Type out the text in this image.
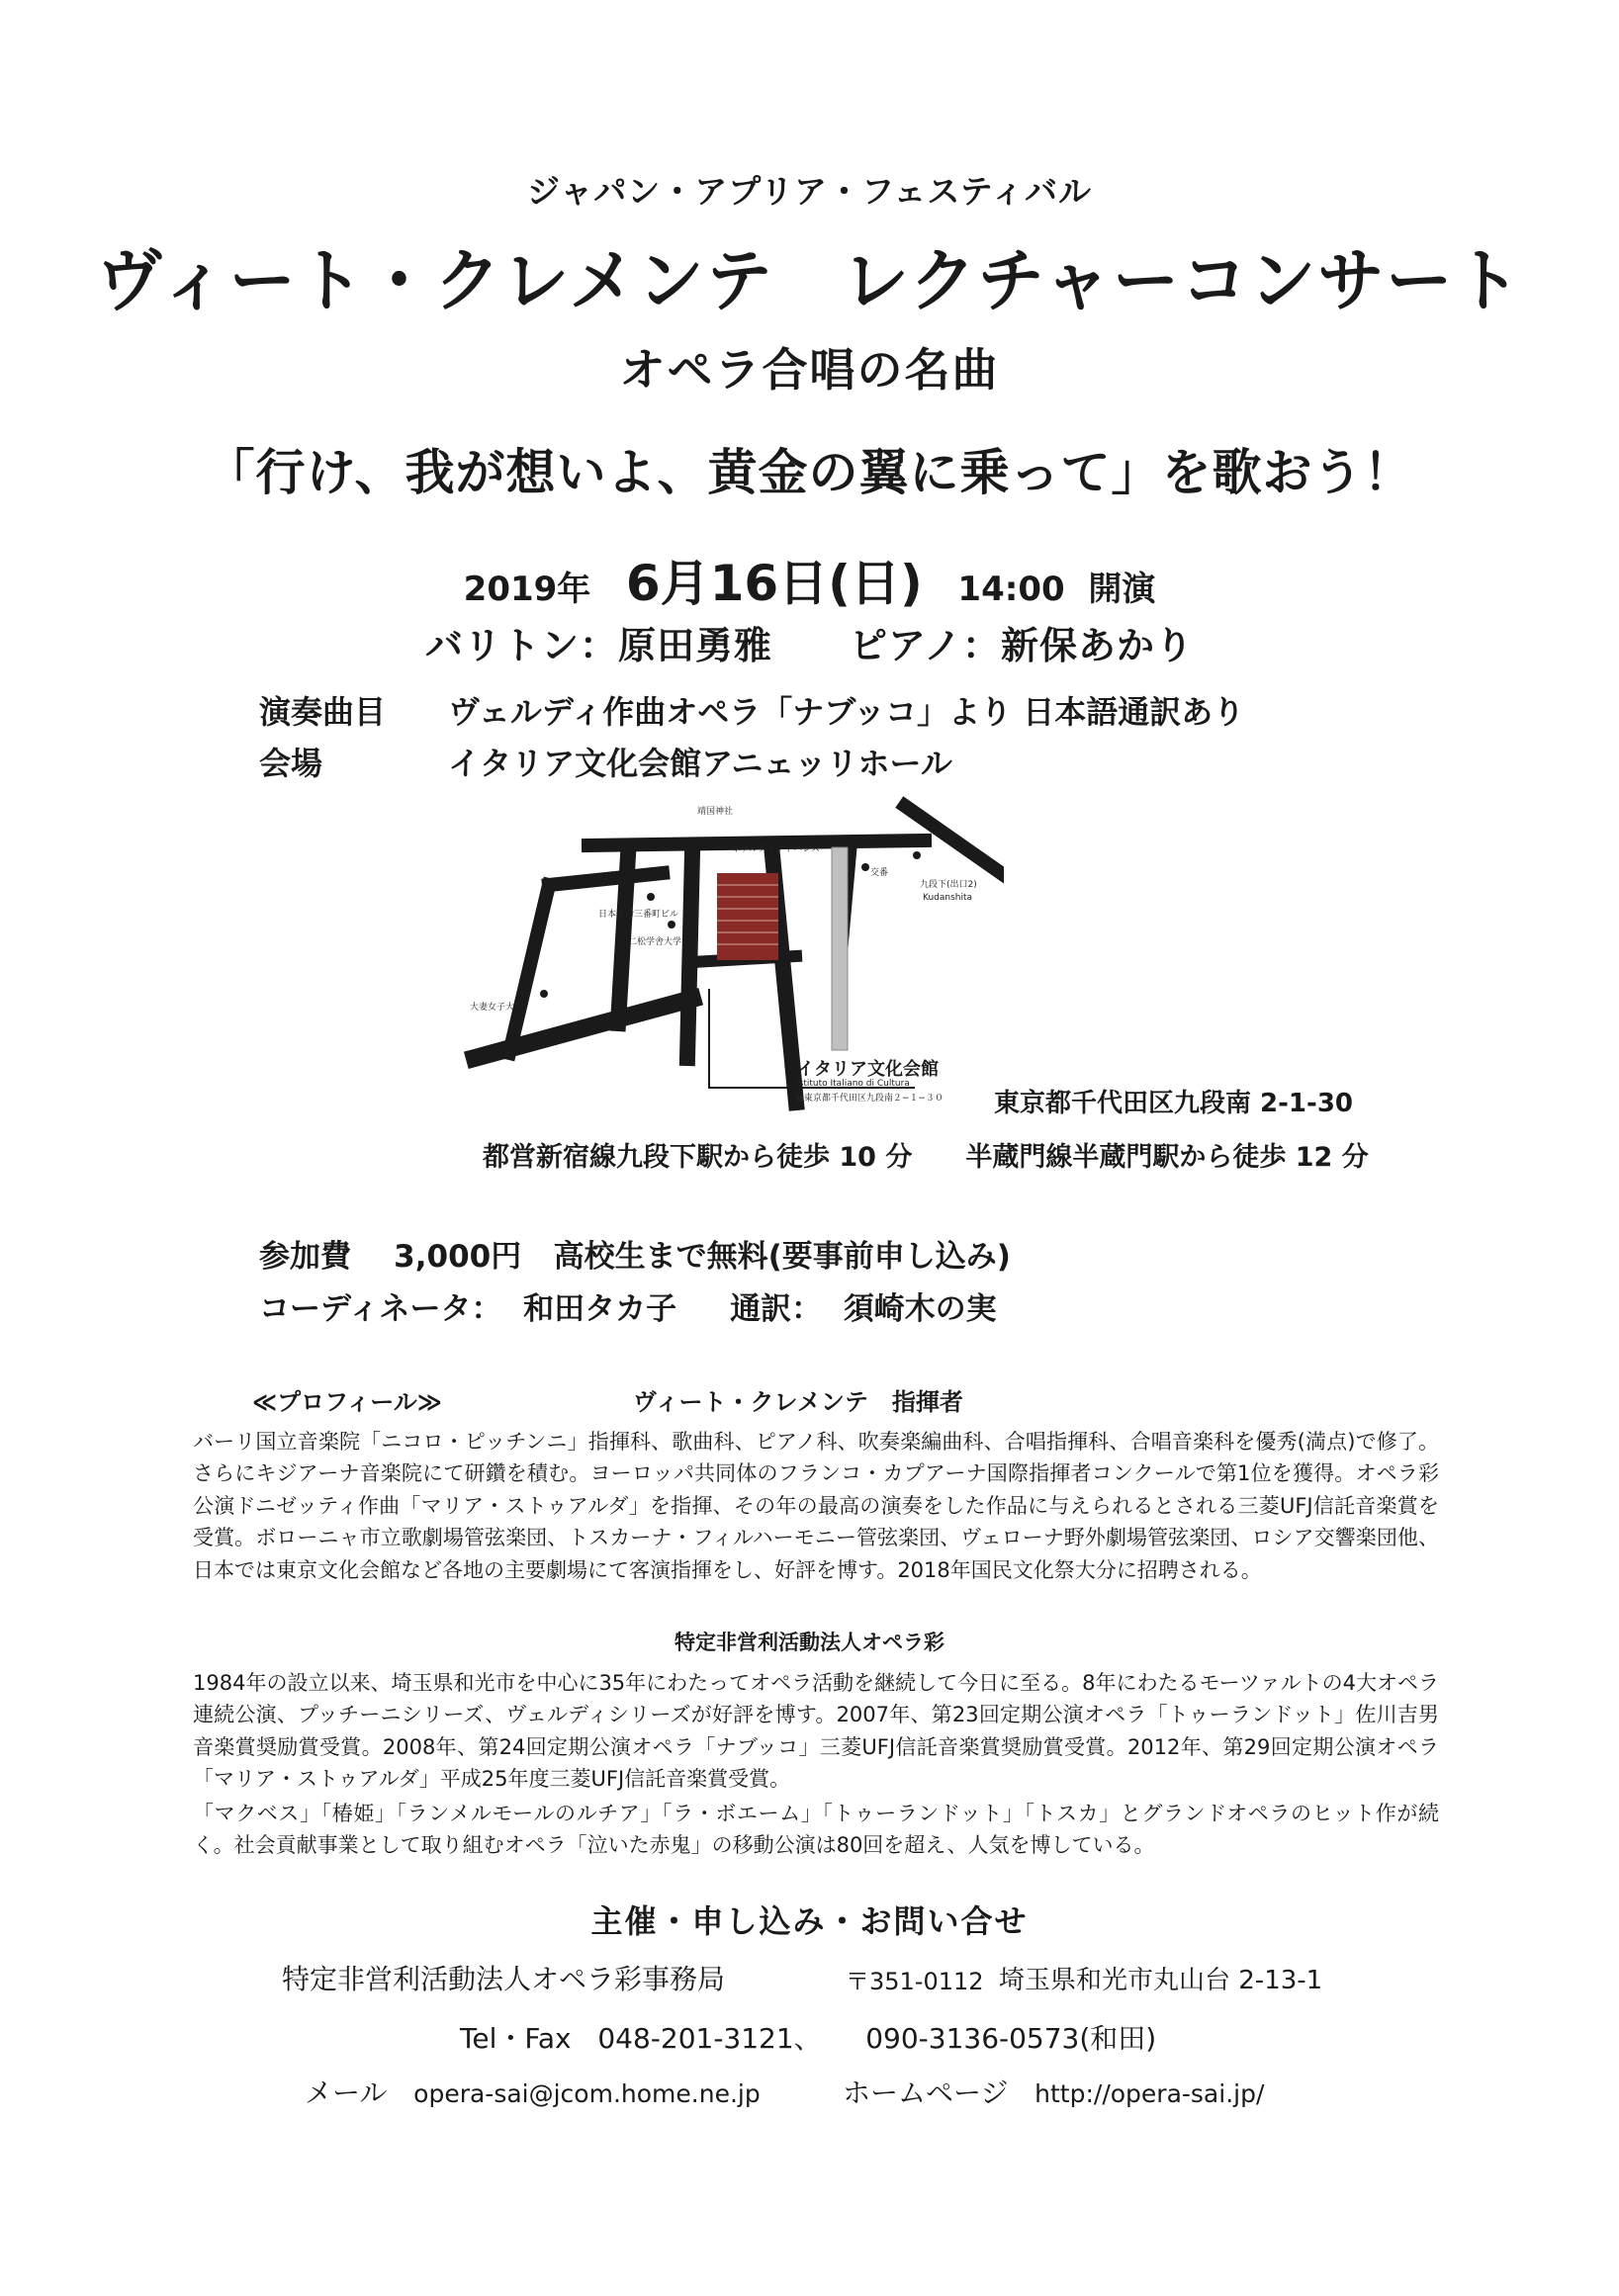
ジャパン・アプリア・フェスティバル
ヴィート・クレメンテ　レクチャーコンサート
オペラ合唱の名曲
「行け、我が想いよ、黄金の翼に乗って」を歌おう！
2019年 6月16日(日) 14:00 開演
バリトン：原田勇雅　　ピアノ：新保あかり
演奏曲目 ヴェルディ作曲オペラ「ナブッコ」より 日本語通訳あり
会場	イタリア文化会館アニェッリホール
靖国神社
ホテルグランドパレス
日本生命三番町ビル
二松学舎大学
大妻女子大学
九段下(出口2)
Kudanshita
交番
イタリア文化会館
Istituto Italiano di Cultura
●東京都千代田区九段南２−１−３０ 東京都千代田区九段南 2-1-30
都営新宿線九段下駅から徒歩 10 分　　半蔵門線半蔵門駅から徒歩 12 分
参加費 3,000円 高校生まで無料(要事前申し込み)
コーディネータ： 和田タカ子 通訳： 須崎木の実
≪プロフィール≫	ヴィート・クレメンテ　指揮者
バーリ国立音楽院「ニコロ・ピッチンニ」指揮科、歌曲科、ピアノ科、吹奏楽編曲科、合唱指揮科、合唱音楽科を優秀(満点)で修了。さらにキジアーナ音楽院にて研鑽を積む。ヨーロッパ共同体のフランコ・カプアーナ国際指揮者コンクールで第1位を獲得。オペラ彩公演ドニゼッティ作曲「マリア・ストゥアルダ」を指揮、その年の最高の演奏をした作品に与えられるとされる三菱UFJ信託音楽賞を受賞。ボローニャ市立歌劇場管弦楽団、トスカーナ・フィルハーモニー管弦楽団、ヴェローナ野外劇場管弦楽団、ロシア交響楽団他、日本では東京文化会館など各地の主要劇場にて客演指揮をし、好評を博す。2018年国民文化祭大分に招聘される。
特定非営利活動法人オペラ彩
1984年の設立以来、埼玉県和光市を中心に35年にわたってオペラ活動を継続して今日に至る。8年にわたるモーツァルトの4大オペラ連続公演、プッチーニシリーズ、ヴェルディシリーズが好評を博す。2007年、第23回定期公演オペラ「トゥーランドット」佐川吉男音楽賞奨励賞受賞。2008年、第24回定期公演オペラ「ナブッコ」三菱UFJ信託音楽賞奨励賞受賞。2012年、第29回定期公演オペラ「マリア・ストゥアルダ」平成25年度三菱UFJ信託音楽賞受賞。
「マクベス」「椿姫」「ランメルモールのルチア」「ラ・ボエーム」「トゥーランドット」「トスカ」とグランドオペラのヒット作が続く。社会貢献事業として取り組むオペラ「泣いた赤鬼」の移動公演は80回を超え、人気を博している。
主催・申し込み・お問い合せ
特定非営利活動法人オペラ彩事務局	〒351-0112 埼玉県和光市丸山台 2-13-1
Tel・Fax 048-201-3121、 090-3136-0573(和田)
メール opera-sai@jcom.home.ne.jp	ホームページ http://opera-sai.jp/
